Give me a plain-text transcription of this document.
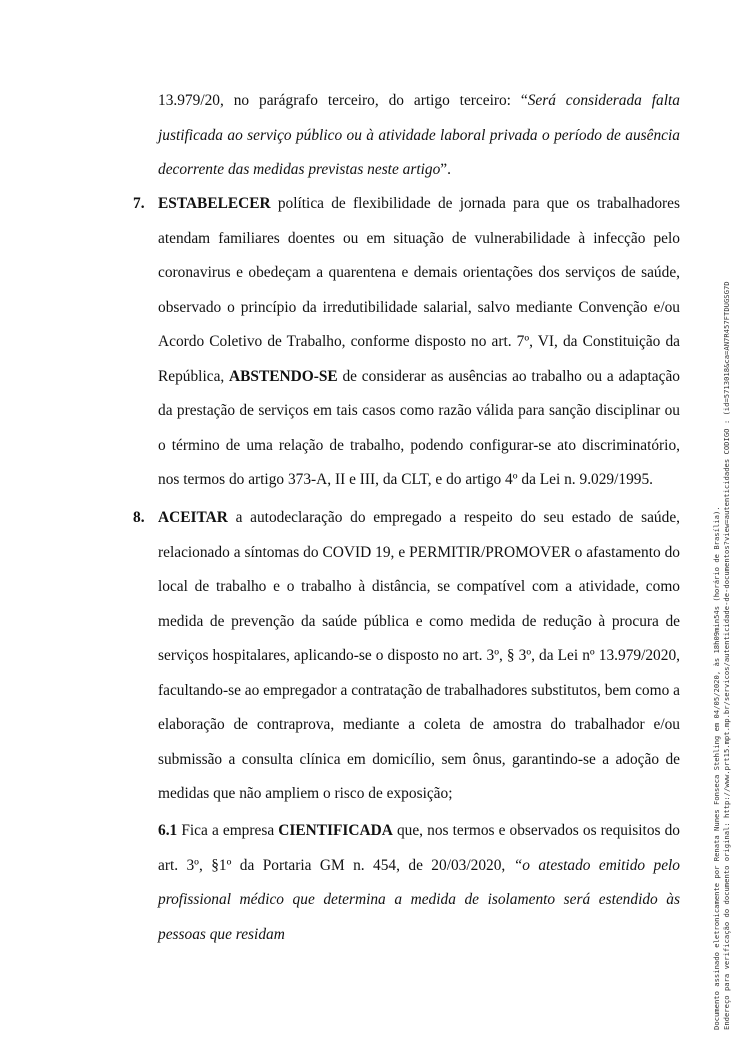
13.979/20, no parágrafo terceiro, do artigo terceiro: “Será considerada falta justificada ao serviço público ou à atividade laboral privada o período de ausência decorrente das medidas previstas neste artigo”.

7. ESTABELECER política de flexibilidade de jornada para que os trabalhadores atendam familiares doentes ou em situação de vulnerabilidade à infecção pelo coronavirus e obedeçam a quarentena e demais orientações dos serviços de saúde, observado o princípio da irredutibilidade salarial, salvo mediante Convenção e/ou Acordo Coletivo de Trabalho, conforme disposto no art. 7º, VI, da Constituição da República, ABSTENDO-SE de considerar as ausências ao trabalho ou a adaptação da prestação de serviços em tais casos como razão válida para sanção disciplinar ou o término de uma relação de trabalho, podendo configurar-se ato discriminatório, nos termos do artigo 373-A, II e III, da CLT, e do artigo 4º da Lei n. 9.029/1995.

8. ACEITAR a autodeclaração do empregado a respeito do seu estado de saúde, relacionado a síntomas do COVID 19, e PERMITIR/PROMOVER o afastamento do local de trabalho e o trabalho à distância, se compatível com a atividade, como medida de prevenção da saúde pública e como medida de redução à procura de serviços hospitalares, aplicando-se o disposto no art. 3º, § 3º, da Lei nº 13.979/2020, facultando-se ao empregador a contratação de trabalhadores substitutos, bem como a elaboração de contraprova, mediante a coleta de amostra do trabalhador e/ou submissão a consulta clínica em domicílio, sem ônus, garantindo-se a adoção de medidas que não ampliem o risco de exposição;

6.1 Fica a empresa CIENTIFICADA que, nos termos e observados os requisitos do art. 3º, §1º da Portaria GM n. 454, de 20/03/2020, “o atestado emitido pelo profissional médico que determina a medida de isolamento será estendido às pessoas que residam	Documento assinado eletronicamente por Renata Nunes Fonseca Stehling em 04/05/2020, às 18h09min54s (horário de Brasília). Endereço para verificação do documento original: http://www.prt15.mpt.mp.br/servicos/autenticidade-de-documentos?view=autenticidades CODIGO : (id=5713018&ca=AN7R457FTDUGSG7D
